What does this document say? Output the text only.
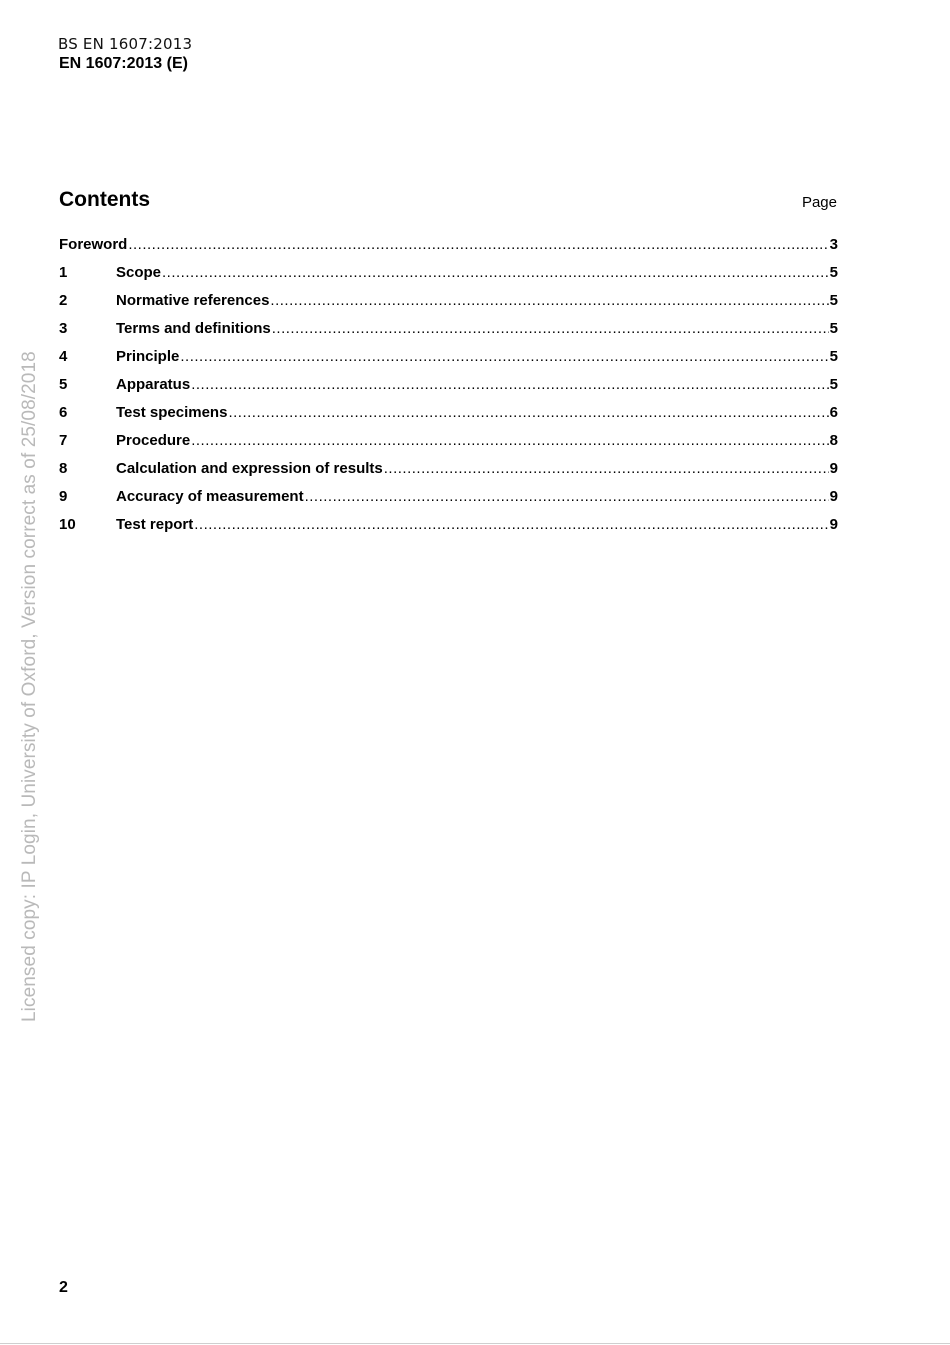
BS EN 1607:2013
EN 1607:2013 (E)
Contents	Page
Foreword .....	3
1	Scope .....	5
2	Normative references .....	5
3	Terms and definitions .....	5
4	Principle .....	5
5	Apparatus .....	5
6	Test specimens .....	6
7	Procedure .....	8
8	Calculation and expression of results .....	9
9	Accuracy of measurement .....	9
10	Test report .....	9
Licensed copy: IP Login, University of Oxford, Version correct as of 25/08/2018
2
